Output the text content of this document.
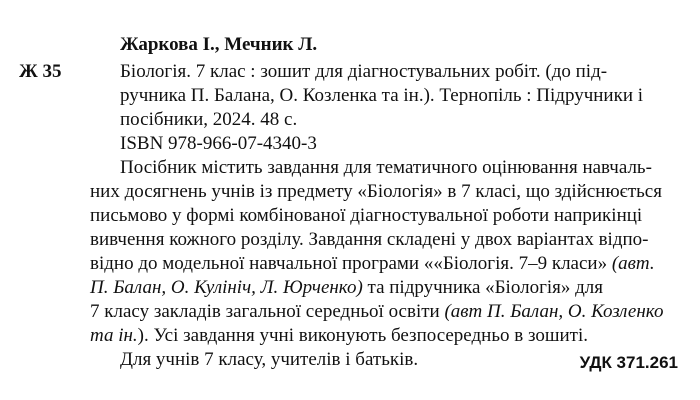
Ж 35

Жаркова І., Мечник Л.

Біологія. 7 клас : зошит для діагностувальних робіт. (до під-
ручника П. Балана, О. Козленка та ін.). Тернопіль : Підручники і
посібники, 2024. 48 с.

ISBN 978-966-07-4340-3

Посібник містить завдання для тематичного оцінювання навчаль-
них досягнень учнів із предмету «Біологія» в 7 класі, що здійснюється
письмово у формі комбінованої діагностувальної роботи наприкінці
вивчення кожного розділу. Завдання складені у двох варіантах відпо-
відно до модельної навчальної програми ««Біологія. 7–9 класи» (авт.
П. Балан, О. Кулініч, Л. Юрченко) та підручника «Біологія» для
7 класу закладів загальної середньої освіти (авт П. Балан, О. Козленко
та ін.). Усі завдання учні виконують безпосередньо в зошиті.

Для учнів 7 класу, учителів і батьків.	УДК 371.261
